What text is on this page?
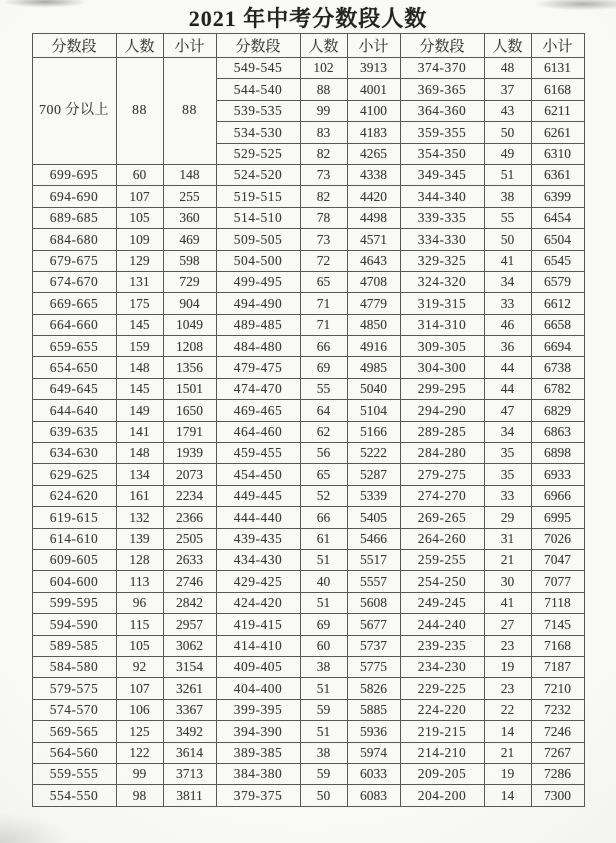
2021 年中考分数段人数
分数段	人数	小计	分数段	人数	小计	分数段	人数	小计
700 分以上	88	88	549-545	102	3913	374-370	48	6131
			544-540	88	4001	369-365	37	6168
			539-535	99	4100	364-360	43	6211
			534-530	83	4183	359-355	50	6261
			529-525	82	4265	354-350	49	6310
699-695	60	148	524-520	73	4338	349-345	51	6361
694-690	107	255	519-515	82	4420	344-340	38	6399
689-685	105	360	514-510	78	4498	339-335	55	6454
684-680	109	469	509-505	73	4571	334-330	50	6504
679-675	129	598	504-500	72	4643	329-325	41	6545
674-670	131	729	499-495	65	4708	324-320	34	6579
669-665	175	904	494-490	71	4779	319-315	33	6612
664-660	145	1049	489-485	71	4850	314-310	46	6658
659-655	159	1208	484-480	66	4916	309-305	36	6694
654-650	148	1356	479-475	69	4985	304-300	44	6738
649-645	145	1501	474-470	55	5040	299-295	44	6782
644-640	149	1650	469-465	64	5104	294-290	47	6829
639-635	141	1791	464-460	62	5166	289-285	34	6863
634-630	148	1939	459-455	56	5222	284-280	35	6898
629-625	134	2073	454-450	65	5287	279-275	35	6933
624-620	161	2234	449-445	52	5339	274-270	33	6966
619-615	132	2366	444-440	66	5405	269-265	29	6995
614-610	139	2505	439-435	61	5466	264-260	31	7026
609-605	128	2633	434-430	51	5517	259-255	21	7047
604-600	113	2746	429-425	40	5557	254-250	30	7077
599-595	96	2842	424-420	51	5608	249-245	41	7118
594-590	115	2957	419-415	69	5677	244-240	27	7145
589-585	105	3062	414-410	60	5737	239-235	23	7168
584-580	92	3154	409-405	38	5775	234-230	19	7187
579-575	107	3261	404-400	51	5826	229-225	23	7210
574-570	106	3367	399-395	59	5885	224-220	22	7232
569-565	125	3492	394-390	51	5936	219-215	14	7246
564-560	122	3614	389-385	38	5974	214-210	21	7267
559-555	99	3713	384-380	59	6033	209-205	19	7286
554-550	98	3811	379-375	50	6083	204-200	14	7300
